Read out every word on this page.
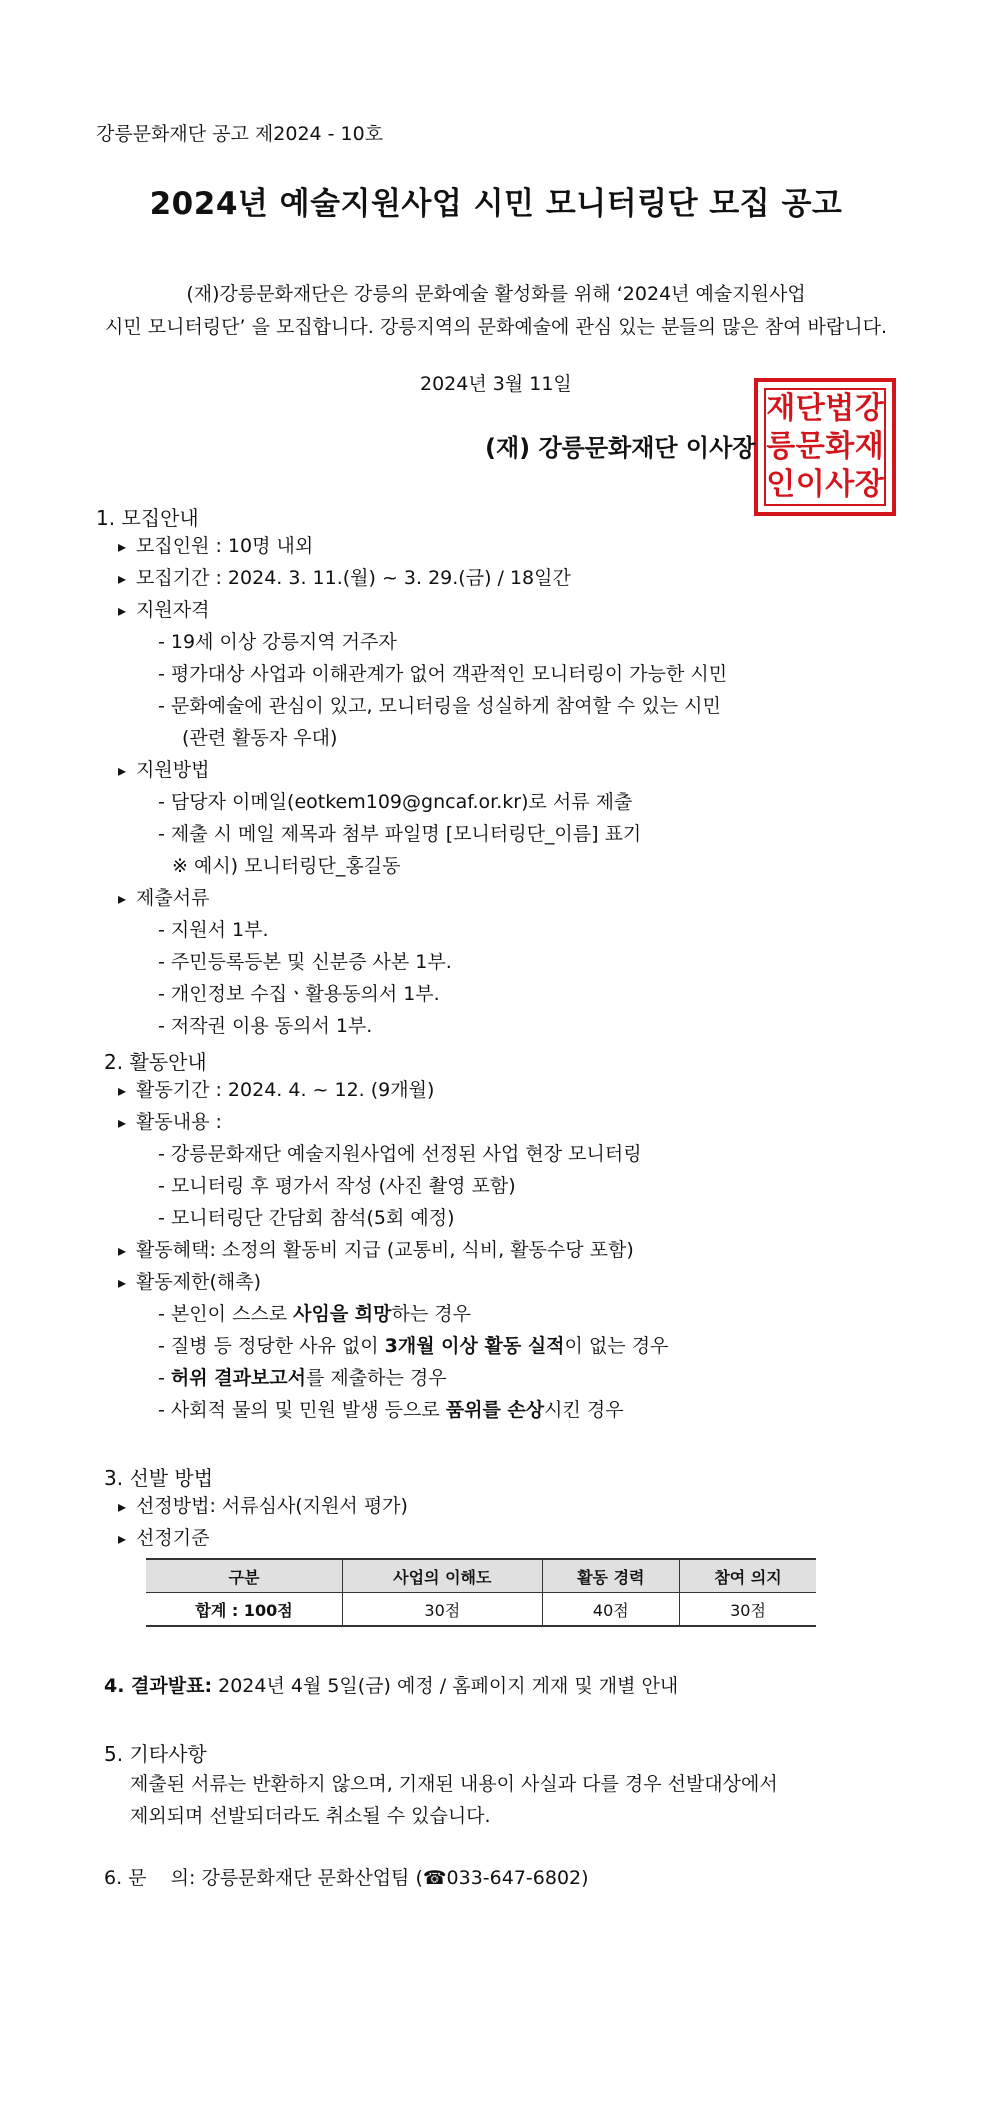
강릉문화재단 공고 제2024 - 10호
2024년 예술지원사업 시민 모니터링단 모집 공고
(재)강릉문화재단은 강릉의 문화예술 활성화를 위해 ‘2024년 예술지원사업
시민 모니터링단’ 을 모집합니다. 강릉지역의 문화예술에 관심 있는 분들의 많은 참여 바랍니다.
2024년 3월 11일
재 단 법 강
릉 문 화 재
인 이 사 장
(재) 강릉문화재단 이사장
1. 모집안내
▸ 모집인원 : 10명 내외
▸ 모집기간 : 2024. 3. 11.(월) ~ 3. 29.(금) / 18일간
▸ 지원자격
- 19세 이상 강릉지역 거주자
- 평가대상 사업과 이해관계가 없어 객관적인 모니터링이 가능한 시민
- 문화예술에 관심이 있고, 모니터링을 성실하게 참여할 수 있는 시민
(관련 활동자 우대)
▸ 지원방법
- 담당자 이메일(eotkem109@gncaf.or.kr)로 서류 제출
- 제출 시 메일 제목과 첨부 파일명 [모니터링단_이름] 표기
※ 예시) 모니터링단_홍길동
▸ 제출서류
- 지원서 1부.
- 주민등록등본 및 신분증 사본 1부.
- 개인정보 수집ㆍ활용동의서 1부.
- 저작권 이용 동의서 1부.
2. 활동안내
▸ 활동기간 : 2024. 4. ~ 12. (9개월)
▸ 활동내용 :
- 강릉문화재단 예술지원사업에 선정된 사업 현장 모니터링
- 모니터링 후 평가서 작성 (사진 촬영 포함)
- 모니터링단 간담회 참석(5회 예정)
▸ 활동혜택: 소정의 활동비 지급 (교통비, 식비, 활동수당 포함)
▸ 활동제한(해촉)
- 본인이 스스로 사임을 희망하는 경우
- 질병 등 정당한 사유 없이 3개월 이상 활동 실적이 없는 경우
- 허위 결과보고서를 제출하는 경우
- 사회적 물의 및 민원 발생 등으로 품위를 손상시킨 경우
3. 선발 방법
▸ 선정방법: 서류심사(지원서 평가)
▸ 선정기준
구분	사업의 이해도	활동 경력	참여 의지
합계 : 100점	30점	40점	30점
4. 결과발표: 2024년 4월 5일(금) 예정 / 홈페이지 게재 및 개별 안내
5. 기타사항
제출된 서류는 반환하지 않으며, 기재된 내용이 사실과 다를 경우 선발대상에서
제외되며 선발되더라도 취소될 수 있습니다.
6. 문    의: 강릉문화재단 문화산업팀 (☎033-647-6802)
